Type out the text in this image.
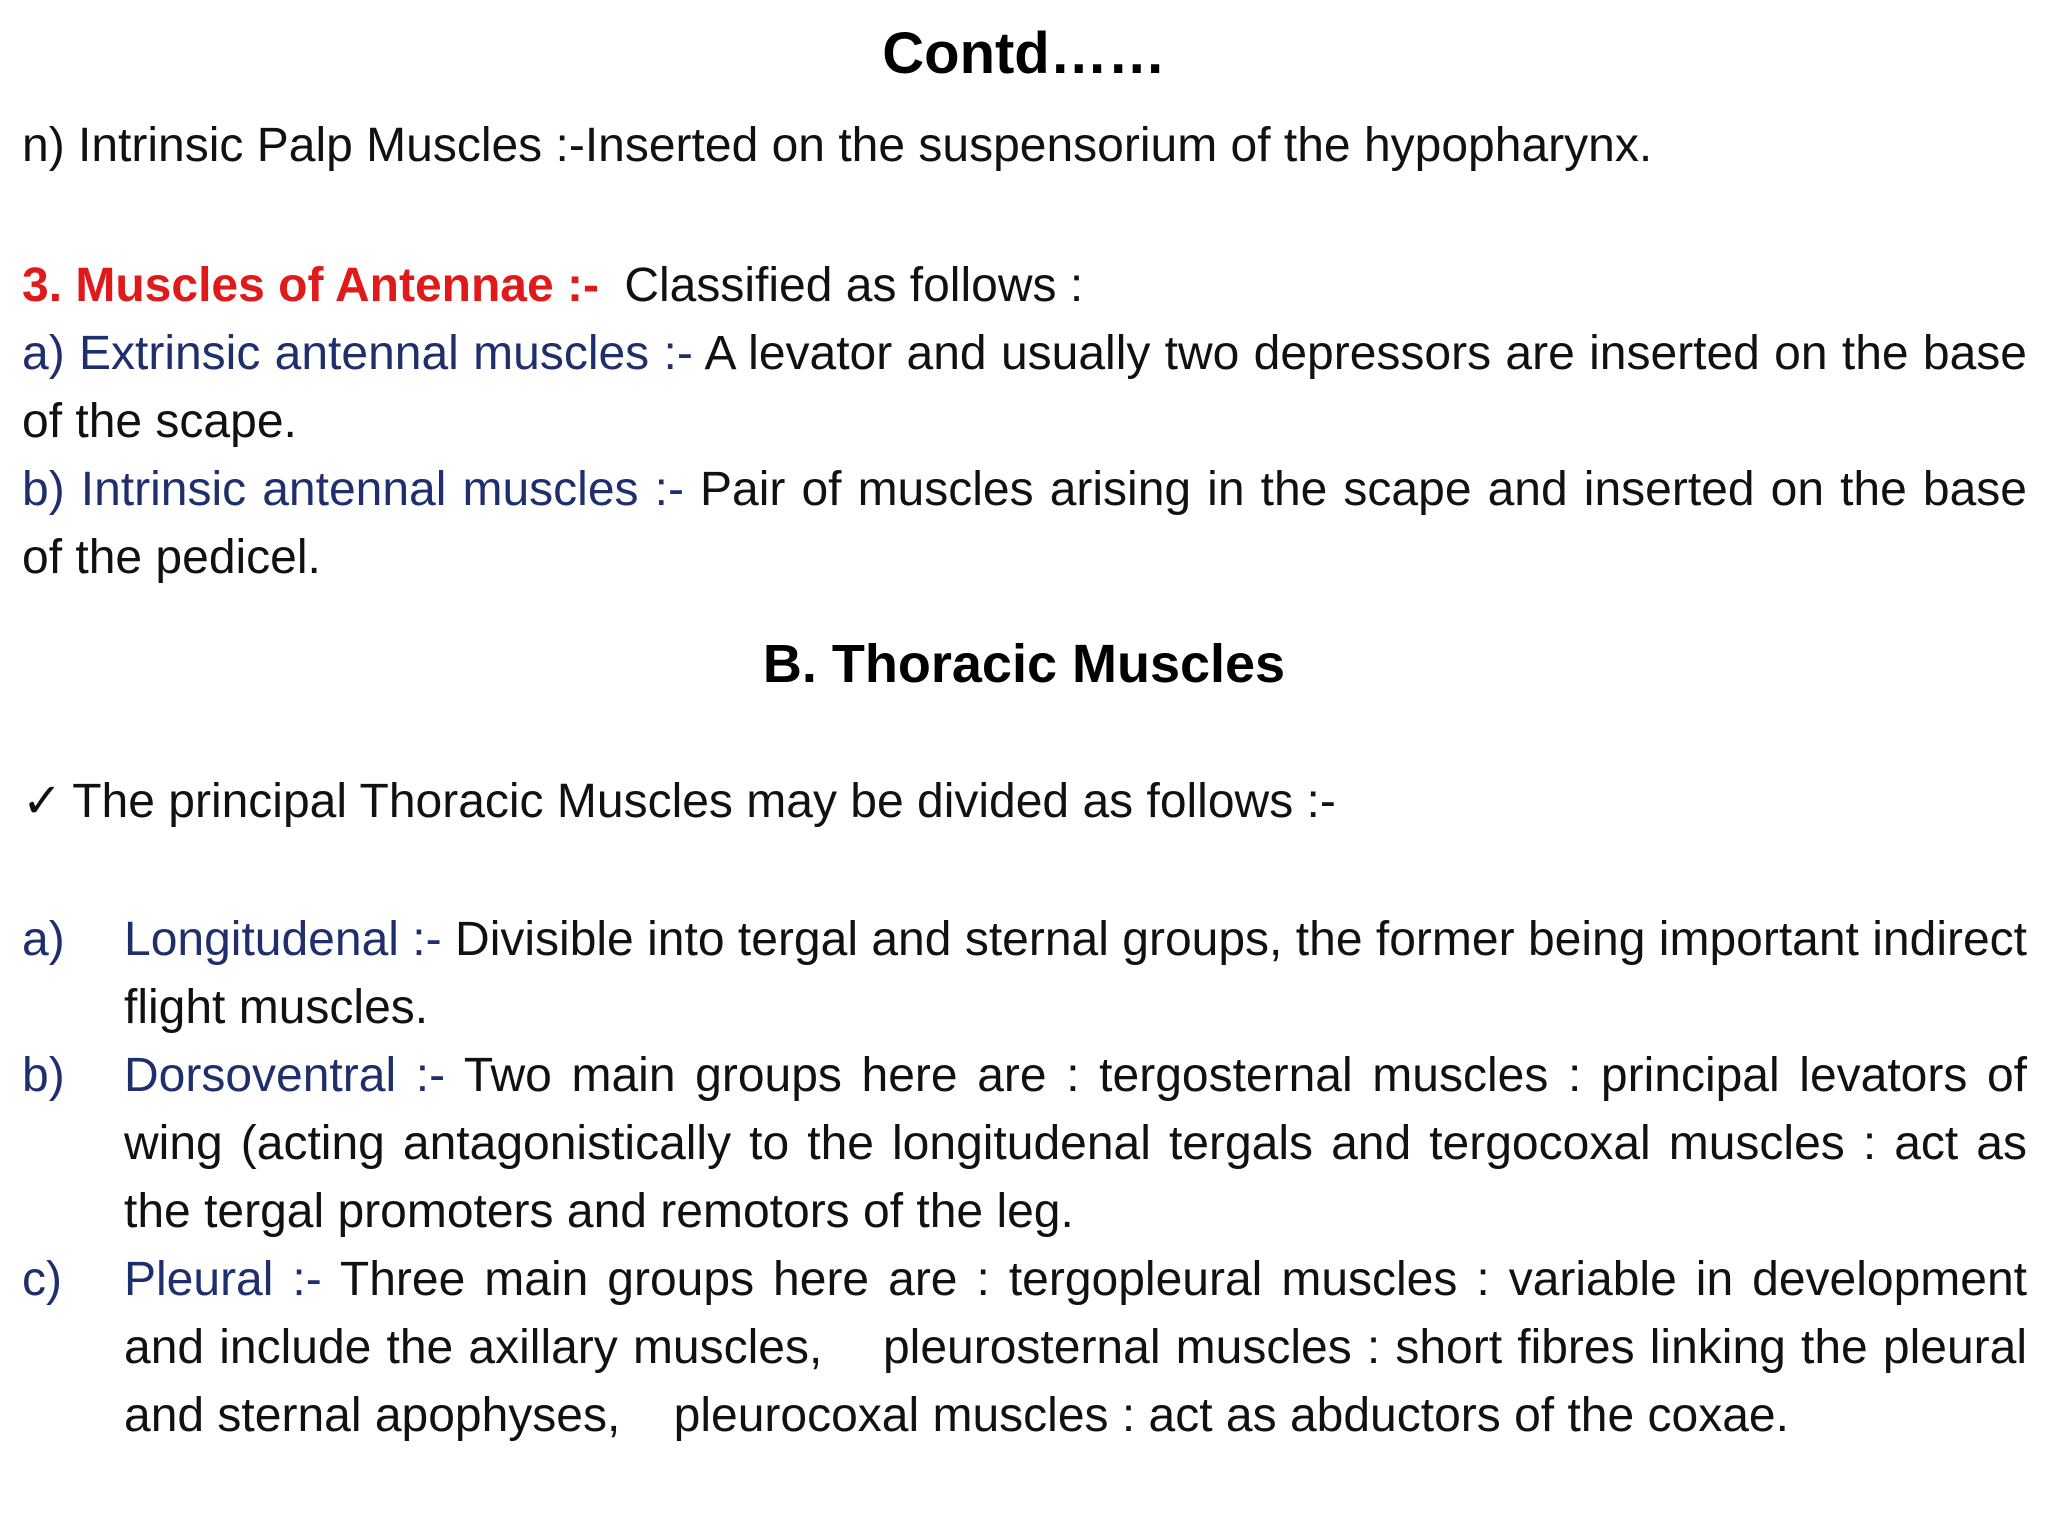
Contd……
n) Intrinsic Palp Muscles :-Inserted on the suspensorium of the hypopharynx.
3. Muscles of Antennae :- Classified as follows :
a) Extrinsic antennal muscles :- A levator and usually two depressors are inserted on the base of the scape.
b) Intrinsic antennal muscles :- Pair of muscles arising in the scape and inserted on the base of the pedicel.
B. Thoracic Muscles
✓ The principal Thoracic Muscles may be divided as follows :-
a) Longitudenal :- Divisible into tergal and sternal groups, the former being important indirect flight muscles.
b) Dorsoventral :- Two main groups here are : tergosternal muscles : principal levators of wing (acting antagonistically to the longitudenal tergals and tergocoxal muscles : act as the tergal promoters and remotors of the leg.
c) Pleural :- Three main groups here are : tergopleural muscles : variable in development and include the axillary muscles,    pleurosternal muscles : short fibres linking the pleural and sternal apophyses,    pleurocoxal muscles : act as abductors of the coxae.
